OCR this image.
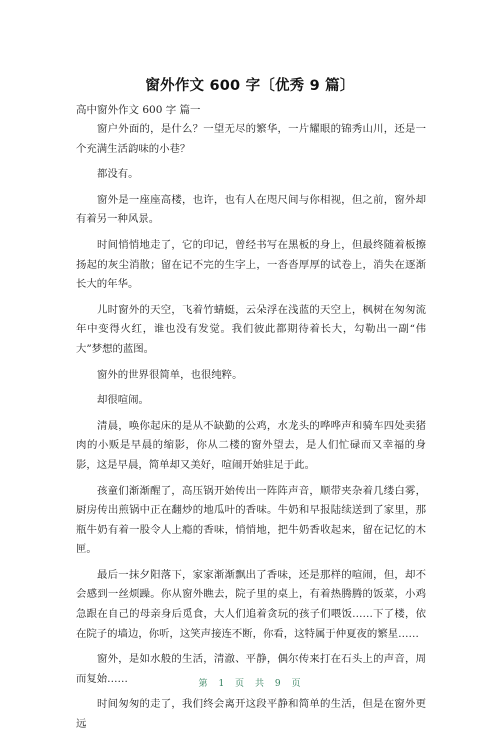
窗外作文 600 字〔优秀 9 篇〕
高中窗外作文 600 字 篇一

窗户外面的，是什么？一望无尽的繁华，一片耀眼的锦秀山川，还是一个充满生活韵味的小巷？

都没有。

窗外是一座座高楼，也许，也有人在咫尺间与你相视，但之前，窗外却有着另一种风景。

时间悄悄地走了，它的印记，曾经书写在黑板的身上，但最终随着板擦扬起的灰尘消散；留在记不完的生字上，一沓沓厚厚的试卷上，消失在逐渐长大的年华。

儿时窗外的天空，飞着竹蜻蜓，云朵浮在浅蓝的天空上，枫树在匆匆流年中变得火红，谁也没有发觉。我们彼此都期待着长大，勾勒出一副“伟大”梦想的蓝图。

窗外的世界很简单，也很纯粹。

却很喧闹。

清晨，唤你起床的是从不缺勤的公鸡，水龙头的哗哗声和骑车四处卖猪肉的小贩是早晨的缩影，你从二楼的窗外望去，是人们忙碌而又幸福的身影，这是早晨，简单却又美好，喧闹开始驻足于此。

孩童们渐渐醒了，高压锅开始传出一阵阵声音，顺带夹杂着几缕白雾，厨房传出煎锅中正在翻炒的地瓜叶的香味。牛奶和早报陆续送到了家里，那瓶牛奶有着一股令人上瘾的香味，悄悄地，把牛奶香收起来，留在记忆的木匣。

最后一抹夕阳落下，家家渐渐飘出了香味，还是那样的喧闹，但，却不会感到一丝烦躁。你从窗外瞧去，院子里的桌上，有着热腾腾的饭菜，小鸡急跟在自己的母亲身后觅食，大人们追着贪玩的孩子们喂饭……下了楼，依在院子的墙边，你听，这笑声接连不断，你看，这特属于仲夏夜的繁星……

窗外，是如水般的生活，清澈、平静，偶尔传来打在石头上的声音，周而复始……

时间匆匆的走了，我们终会离开这段平静和简单的生活，但是在窗外更远

第 1 页 共 9 页
